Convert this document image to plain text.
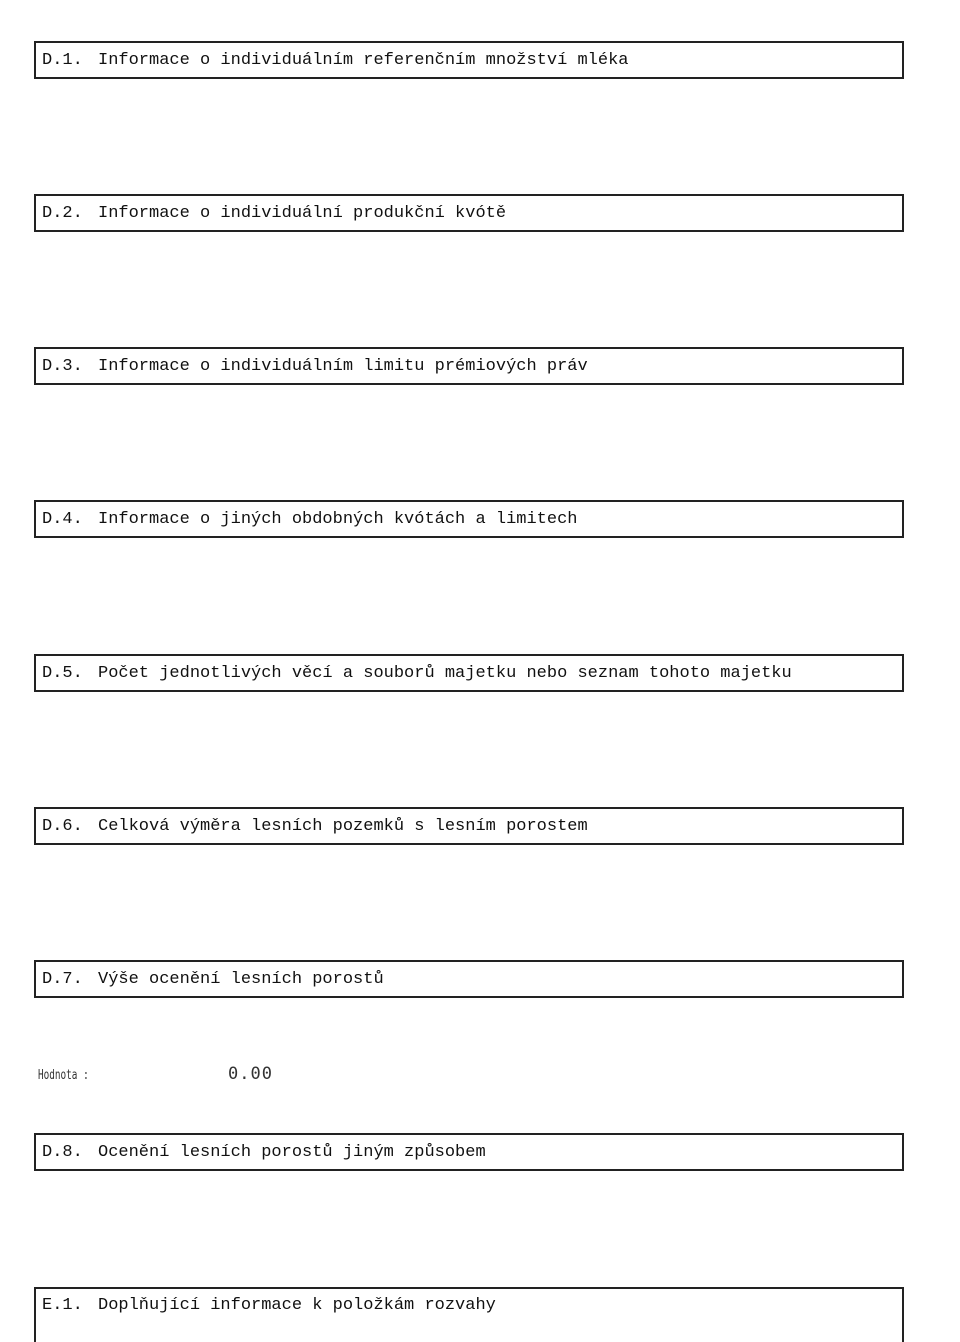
D.1. Informace o individuálním referenčním množství mléka
D.2. Informace o individuální produkční kvótě
D.3. Informace o individuálním limitu prémiových práv
D.4. Informace o jiných obdobných kvótách a limitech
D.5. Počet jednotlivých věcí a souborů majetku nebo seznam tohoto majetku
D.6. Celková výměra lesních pozemků s lesním porostem
D.7. Výše ocenění lesních porostů
Hodnota :	0.00
D.8. Ocenění lesních porostů jiným způsobem
E.1. Doplňující informace k položkám rozvahy
